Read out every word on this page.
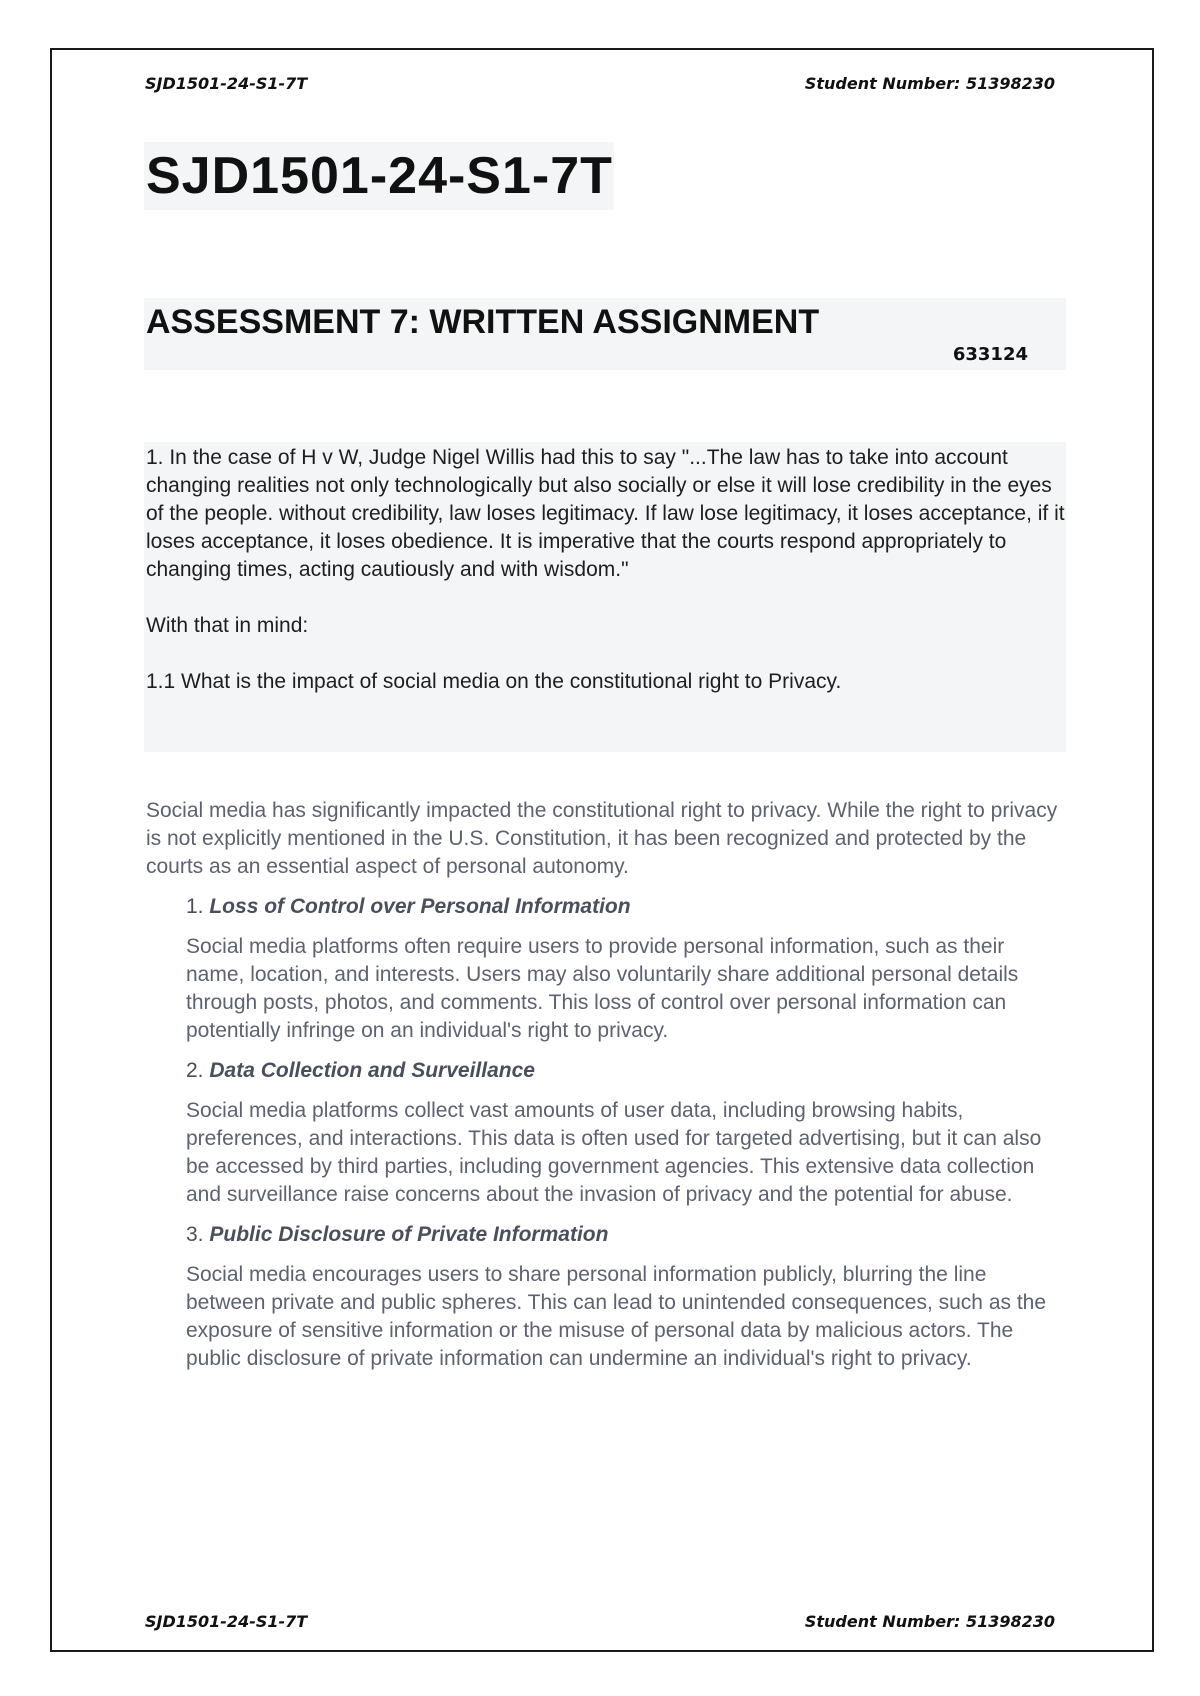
SJD1501-24-S1-7T	Student Number: 51398230
SJD1501-24-S1-7T
ASSESSMENT 7: WRITTEN ASSIGNMENT
633124

1. In the case of H v W, Judge Nigel Willis had this to say "...The law has to take into account changing realities not only technologically but also socially or else it will lose credibility in the eyes of the people. without credibility, law loses legitimacy. If law lose legitimacy, it loses acceptance, if it loses acceptance, it loses obedience. It is imperative that the courts respond appropriately to changing times, acting cautiously and with wisdom."

With that in mind:

1.1 What is the impact of social media on the constitutional right to Privacy.

Social media has significantly impacted the constitutional right to privacy. While the right to privacy is not explicitly mentioned in the U.S. Constitution, it has been recognized and protected by the courts as an essential aspect of personal autonomy.

1. Loss of Control over Personal Information

Social media platforms often require users to provide personal information, such as their name, location, and interests. Users may also voluntarily share additional personal details through posts, photos, and comments. This loss of control over personal information can potentially infringe on an individual's right to privacy.

2. Data Collection and Surveillance

Social media platforms collect vast amounts of user data, including browsing habits, preferences, and interactions. This data is often used for targeted advertising, but it can also be accessed by third parties, including government agencies. This extensive data collection and surveillance raise concerns about the invasion of privacy and the potential for abuse.

3. Public Disclosure of Private Information

Social media encourages users to share personal information publicly, blurring the line between private and public spheres. This can lead to unintended consequences, such as the exposure of sensitive information or the misuse of personal data by malicious actors. The public disclosure of private information can undermine an individual's right to privacy.

SJD1501-24-S1-7T	Student Number: 51398230
